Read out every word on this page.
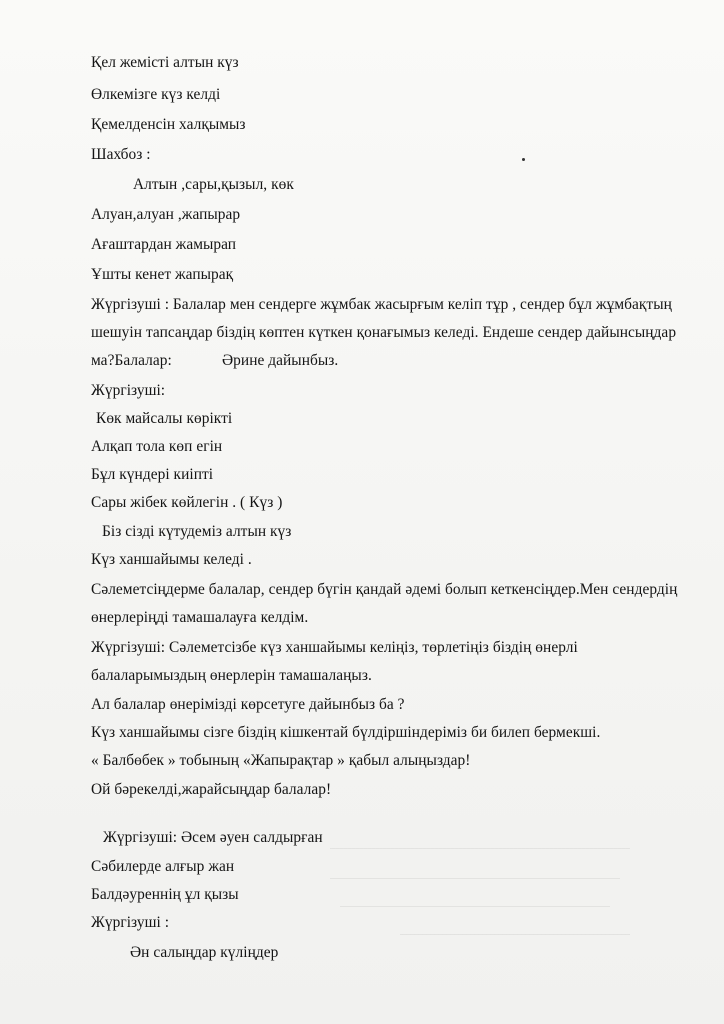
Қел жемісті алтын күз
Өлкемізге күз келді
Қемелденсін халқымыз
Шахбоз :
Алтын ,сары,қызыл, көк
Алуан,алуан ,жапырар
Ағаштардан жамырап
Ұшты кенет жапырақ
Жүргізуші : Балалар мен сендерге жұмбак жасырғым келіп тұр , сендер бұл жұмбақтың
шешуін тапсаңдар біздің көптен күткен қонағымыз келеді. Ендеше сендер дайынсыңдар
ма?Балалар:	Әрине дайынбыз.
Жүргізуші:
Көк майсалы көрікті
Алқап тола көп егін
Бұл күндері киіпті
Сары жібек көйлегін . ( Күз )
Біз сізді күтудеміз алтын күз
Күз ханшайымы келеді .
Сәлеметсіңдерме балалар, сендер бүгін қандай әдемі болып кеткенсіңдер.Мен сендердің
өнерлеріңді тамашалауға келдім.
Жүргізуші: Сәлеметсізбе күз ханшайымы келіңіз, төрлетіңіз біздің өнерлі
балаларымыздың өнерлерін тамашалаңыз.
Ал балалар өнерімізді көрсетуге дайынбыз ба ?
Күз ханшайымы сізге біздің кішкентай бүлдіршіндеріміз би билеп бермекші.
« Балбөбек » тобының «Жапырақтар » қабыл алыңыздар!
Ой бәрекелді,жарайсыңдар балалар!
Жүргізуші: Әсем әуен салдырған
Сәбилерде алғыр жан
Балдәуреннің ұл қызы
Жүргізуші :
Ән салыңдар күліңдер
